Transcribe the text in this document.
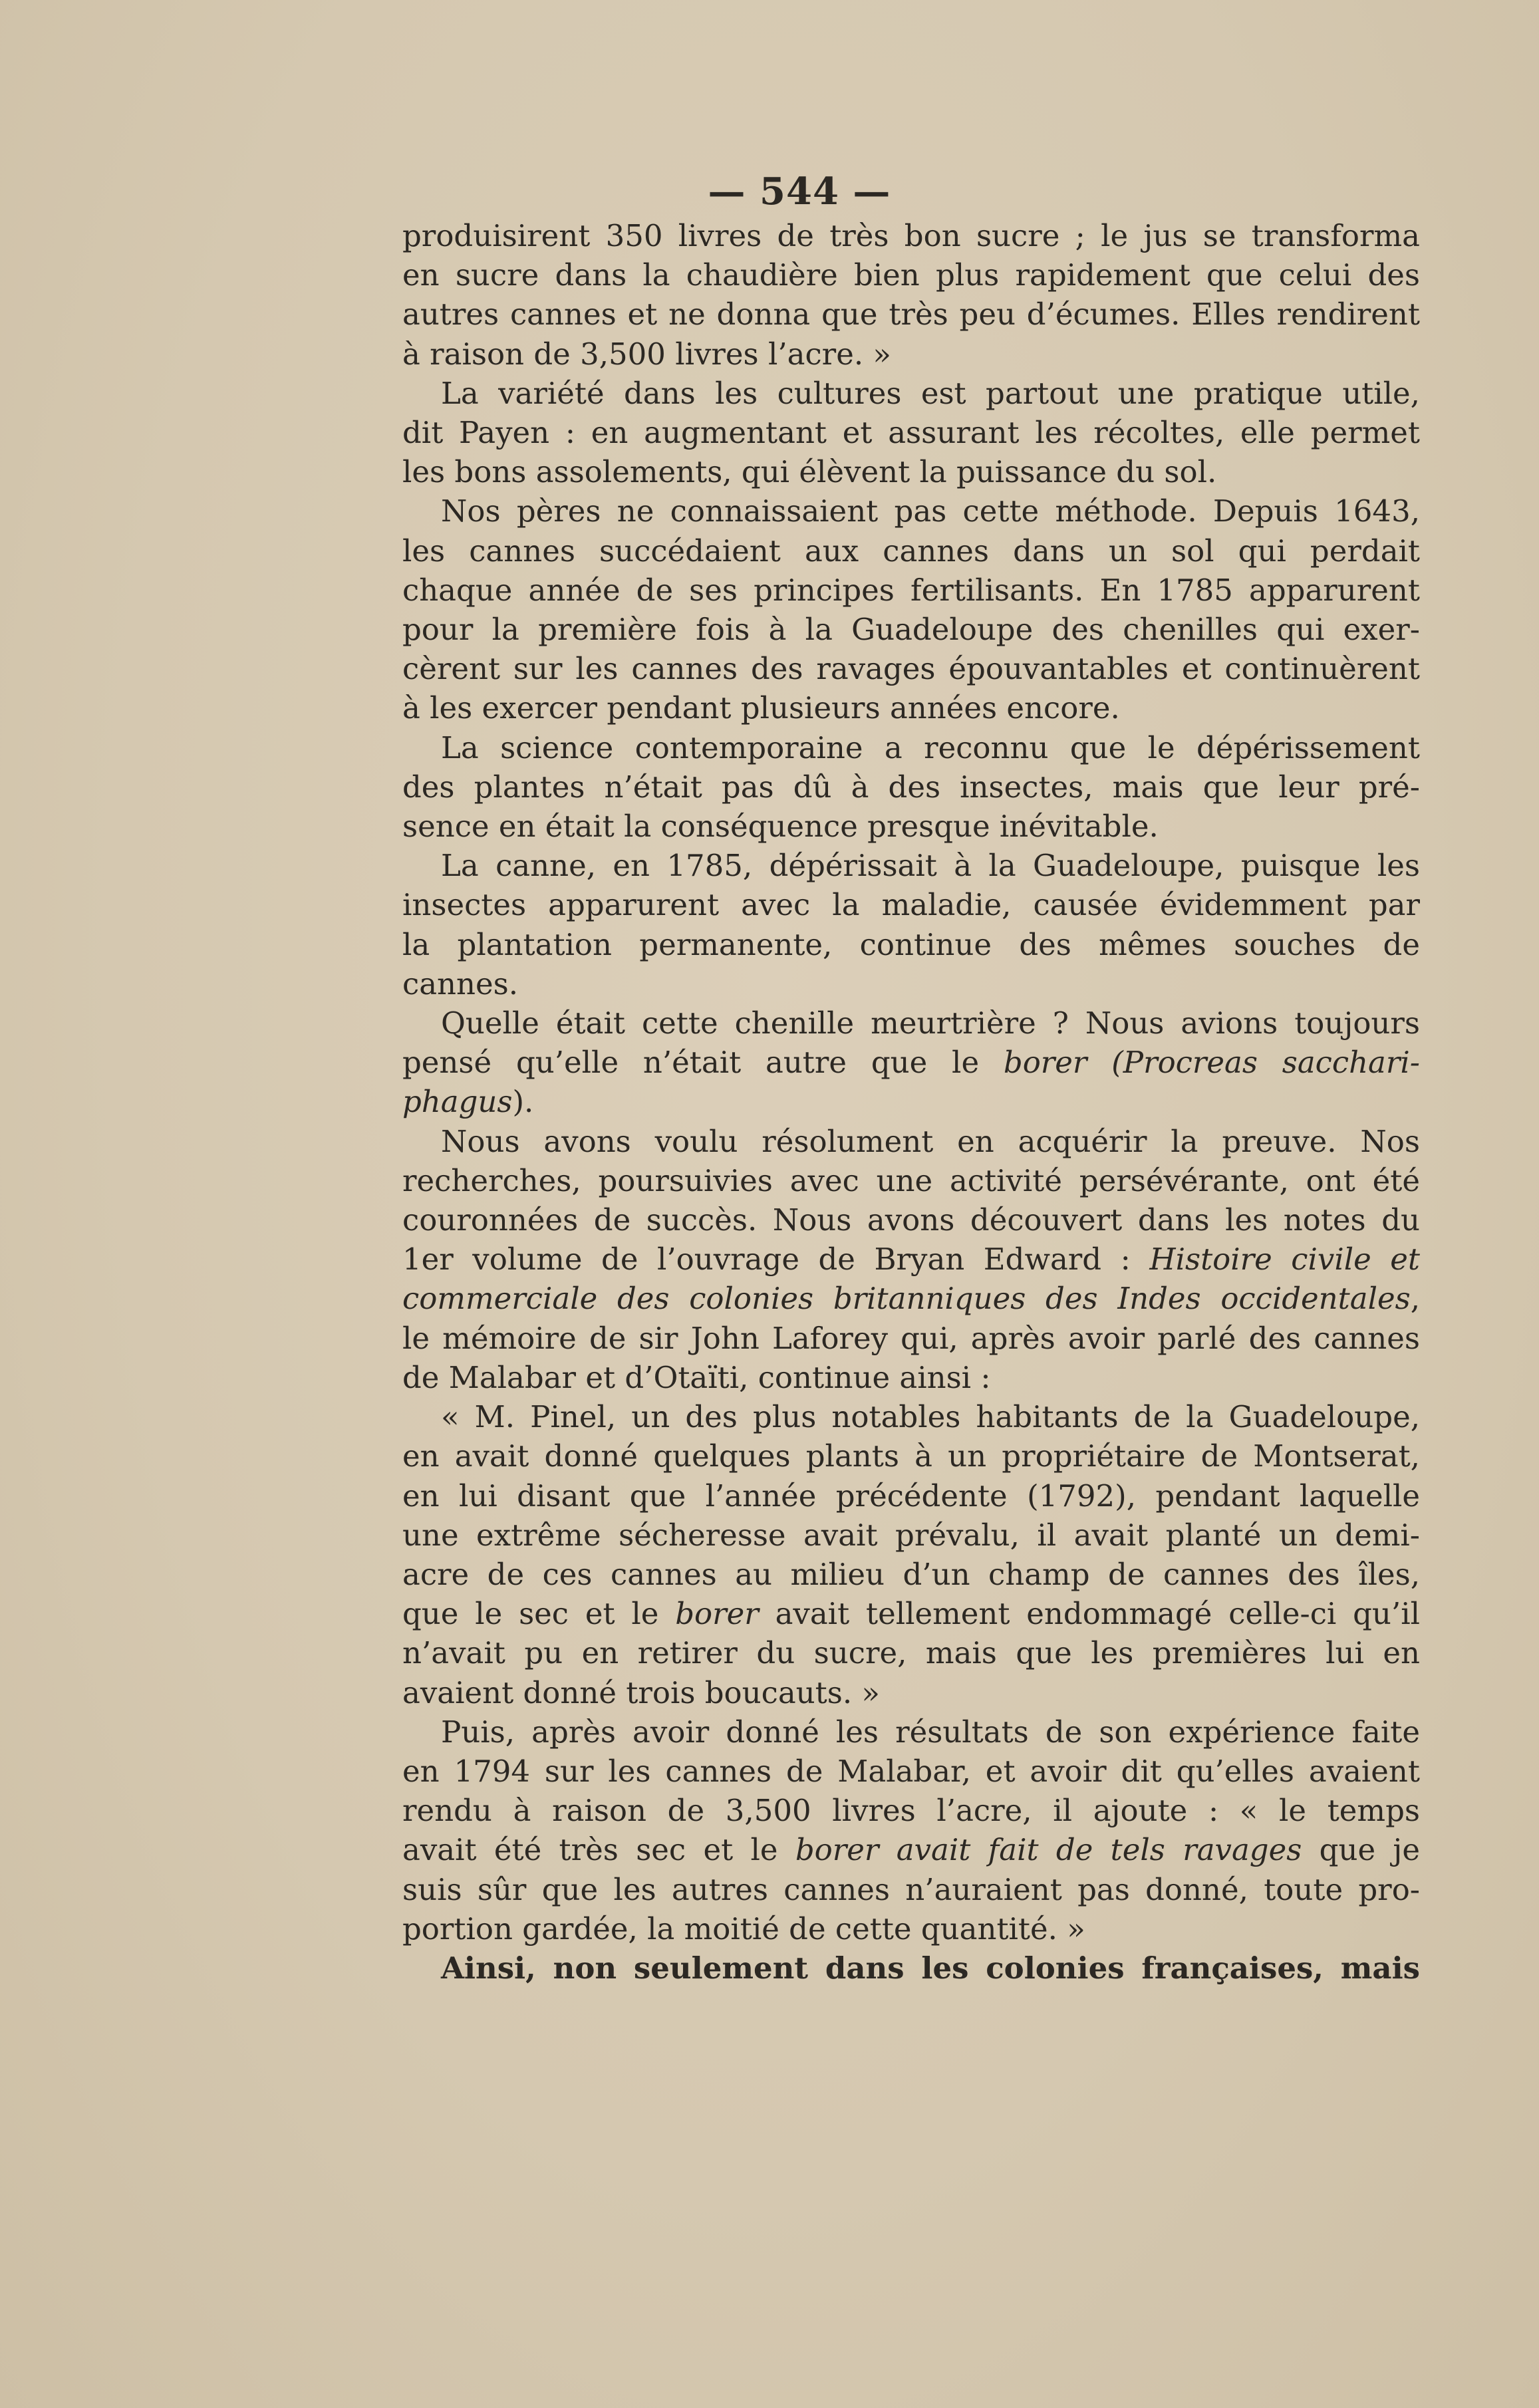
— 544 —
produisirent 350 livres de très bon sucre ; le jus se transforma
en sucre dans la chaudière bien plus rapidement que celui des
autres cannes et ne donna que très peu d’écumes. Elles rendirent
à raison de 3,500 livres l’acre. »
La variété dans les cultures est partout une pratique utile,
dit Payen : en augmentant et assurant les récoltes, elle permet
les bons assolements, qui élèvent la puissance du sol.
Nos pères ne connaissaient pas cette méthode. Depuis 1643,
les cannes succédaient aux cannes dans un sol qui perdait
chaque année de ses principes fertilisants. En 1785 apparurent
pour la première fois à la Guadeloupe des chenilles qui exer-
cèrent sur les cannes des ravages épouvantables et continuèrent
à les exercer pendant plusieurs années encore.
La science contemporaine a reconnu que le dépérissement
des plantes n’était pas dû à des insectes, mais que leur pré-
sence en était la conséquence presque inévitable.
La canne, en 1785, dépérissait à la Guadeloupe, puisque les
insectes apparurent avec la maladie, causée évidemment par
la plantation permanente, continue des mêmes souches de
cannes.
Quelle était cette chenille meurtrière ? Nous avions toujours
pensé qu’elle n’était autre que le borer (Procreas sacchari-
phagus).
Nous avons voulu résolument en acquérir la preuve. Nos
recherches, poursuivies avec une activité persévérante, ont été
couronnées de succès. Nous avons découvert dans les notes du
1er volume de l’ouvrage de Bryan Edward : Histoire civile et
commerciale des colonies britanniques des Indes occidentales,
le mémoire de sir John Laforey qui, après avoir parlé des cannes
de Malabar et d’Otaïti, continue ainsi :
« M. Pinel, un des plus notables habitants de la Guadeloupe,
en avait donné quelques plants à un propriétaire de Montserat,
en lui disant que l’année précédente (1792), pendant laquelle
une extrême sécheresse avait prévalu, il avait planté un demi-
acre de ces cannes au milieu d’un champ de cannes des îles,
que le sec et le borer avait tellement endommagé celle-ci qu’il
n’avait pu en retirer du sucre, mais que les premières lui en
avaient donné trois boucauts. »
Puis, après avoir donné les résultats de son expérience faite
en 1794 sur les cannes de Malabar, et avoir dit qu’elles avaient
rendu à raison de 3,500 livres l’acre, il ajoute : « le temps
avait été très sec et le borer avait fait de tels ravages que je
suis sûr que les autres cannes n’auraient pas donné, toute pro-
portion gardée, la moitié de cette quantité. »
Ainsi, non seulement dans les colonies françaises, mais
